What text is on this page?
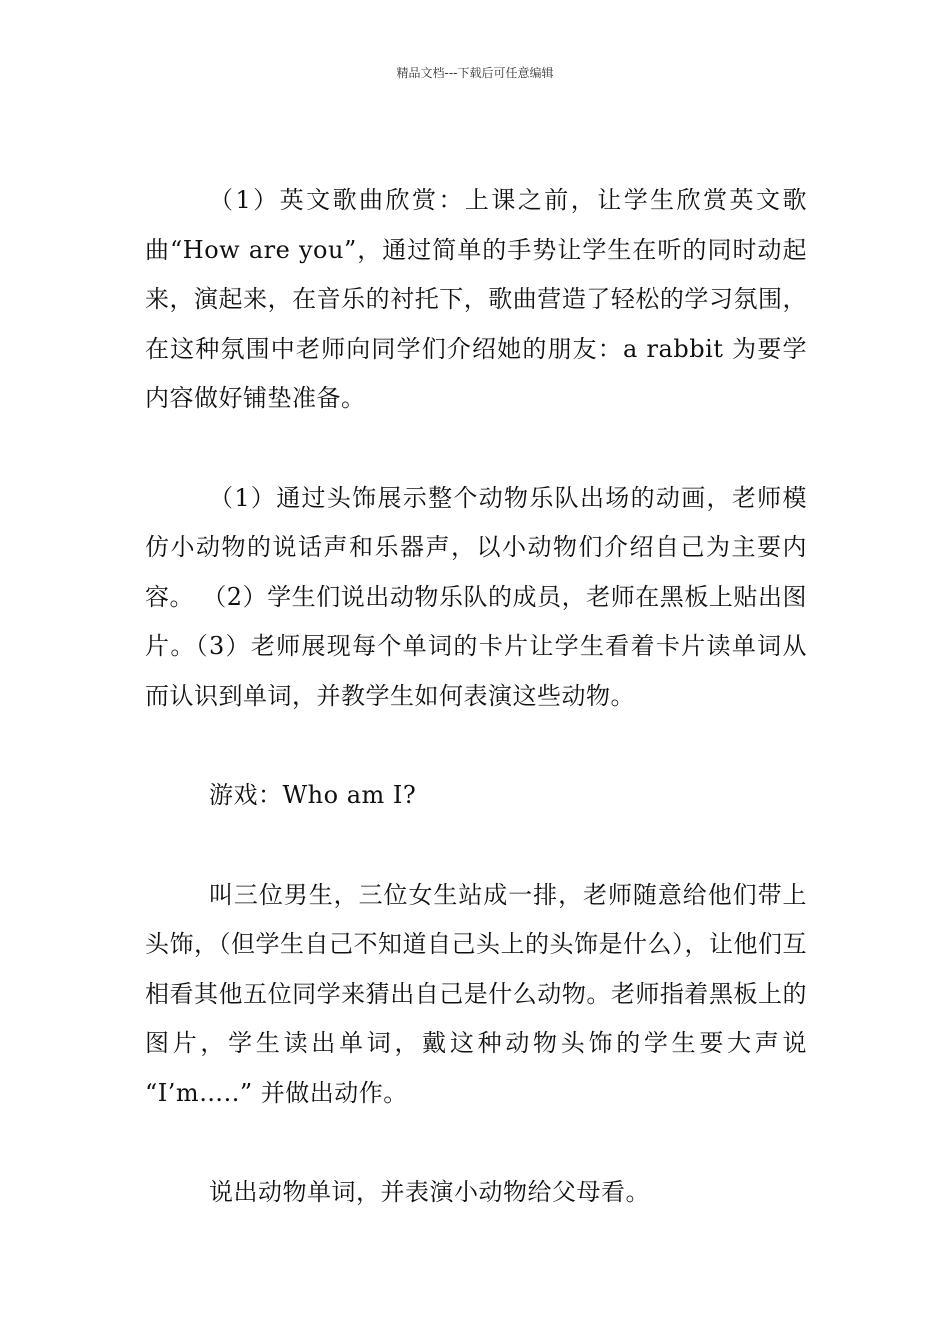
精品文档---下载后可任意编辑

（1）英文歌曲欣赏：上课之前，让学生欣赏英文歌曲“How are you”，通过简单的手势让学生在听的同时动起来，演起来，在音乐的衬托下，歌曲营造了轻松的学习氛围，在这种氛围中老师向同学们介绍她的朋友：a rabbit 为要学内容做好铺垫准备。

（1）通过头饰展示整个动物乐队出场的动画，老师模仿小动物的说话声和乐器声，以小动物们介绍自己为主要内容。 （2）学生们说出动物乐队的成员，老师在黑板上贴出图片。（3）老师展现每个单词的卡片让学生看着卡片读单词从而认识到单词，并教学生如何表演这些动物。

游戏：Who am I?

叫三位男生，三位女生站成一排，老师随意给他们带上头饰，（但学生自己不知道自己头上的头饰是什么），让他们互相看其他五位同学来猜出自己是什么动物。老师指着黑板上的图片，学生读出单词，戴这种动物头饰的学生要大声说 “I’m…..” 并做出动作。

说出动物单词，并表演小动物给父母看。
